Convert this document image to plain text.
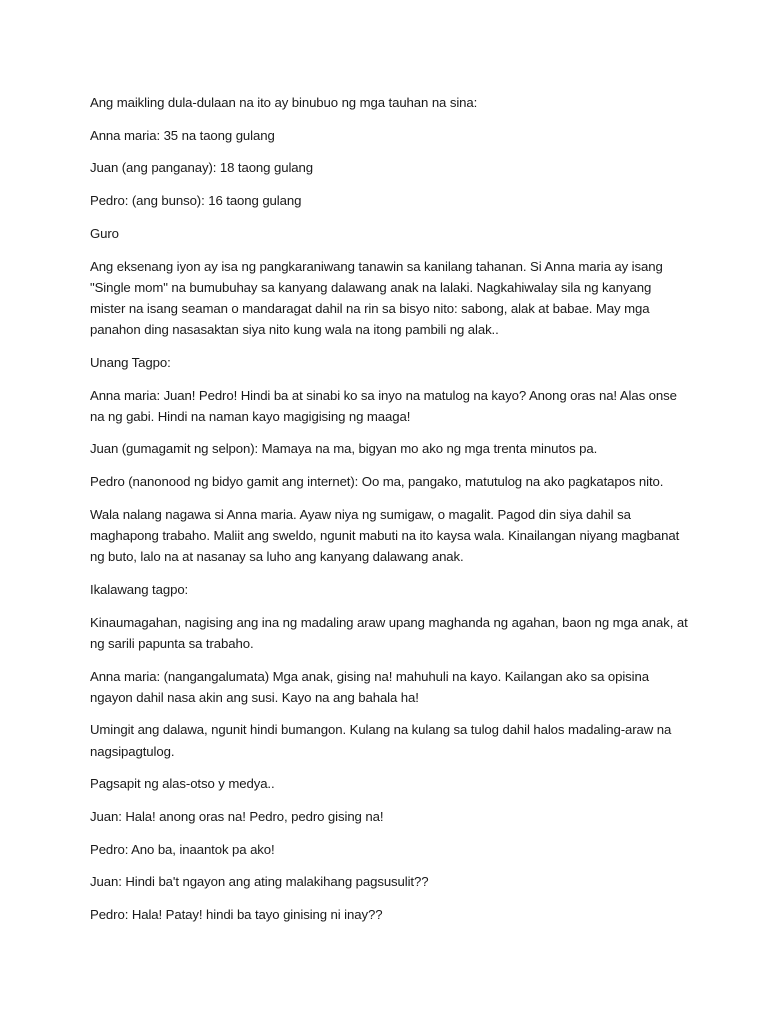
Ang maikling dula-dulaan na ito ay binubuo ng mga tauhan na sina:

Anna maria: 35 na taong gulang

Juan (ang panganay): 18 taong gulang

Pedro: (ang bunso): 16 taong gulang

Guro

Ang eksenang iyon ay isa ng pangkaraniwang tanawin sa kanilang tahanan. Si Anna maria ay isang "Single mom" na bumubuhay sa kanyang dalawang anak na lalaki. Nagkahiwalay sila ng kanyang mister na isang seaman o mandaragat dahil na rin sa bisyo nito: sabong, alak at babae. May mga panahon ding nasasaktan siya nito kung wala na itong pambili ng alak..

Unang Tagpo:

Anna maria: Juan! Pedro! Hindi ba at sinabi ko sa inyo na matulog na kayo? Anong oras na! Alas onse na ng gabi. Hindi na naman kayo magigising ng maaga!

Juan (gumagamit ng selpon): Mamaya na ma, bigyan mo ako ng mga trenta minutos pa.

Pedro (nanonood ng bidyo gamit ang internet): Oo ma, pangako, matutulog na ako pagkatapos nito.

Wala nalang nagawa si Anna maria. Ayaw niya ng sumigaw, o magalit. Pagod din siya dahil sa maghapong trabaho. Maliit ang sweldo, ngunit mabuti na ito kaysa wala. Kinailangan niyang magbanat ng buto, lalo na at nasanay sa luho ang kanyang dalawang anak.

Ikalawang tagpo:

Kinaumagahan, nagising ang ina ng madaling araw upang maghanda ng agahan, baon ng mga anak, at ng sarili papunta sa trabaho.

Anna maria: (nangangalumata) Mga anak, gising na! mahuhuli na kayo. Kailangan ako sa opisina ngayon dahil nasa akin ang susi. Kayo na ang bahala ha!

Umingit ang dalawa, ngunit hindi bumangon. Kulang na kulang sa tulog dahil halos madaling-araw na nagsipagtulog.

Pagsapit ng alas-otso y medya..

Juan: Hala! anong oras na! Pedro, pedro gising na!

Pedro: Ano ba, inaantok pa ako!

Juan: Hindi ba't ngayon ang ating malakihang pagsusulit??

Pedro: Hala! Patay! hindi ba tayo ginising ni inay??
